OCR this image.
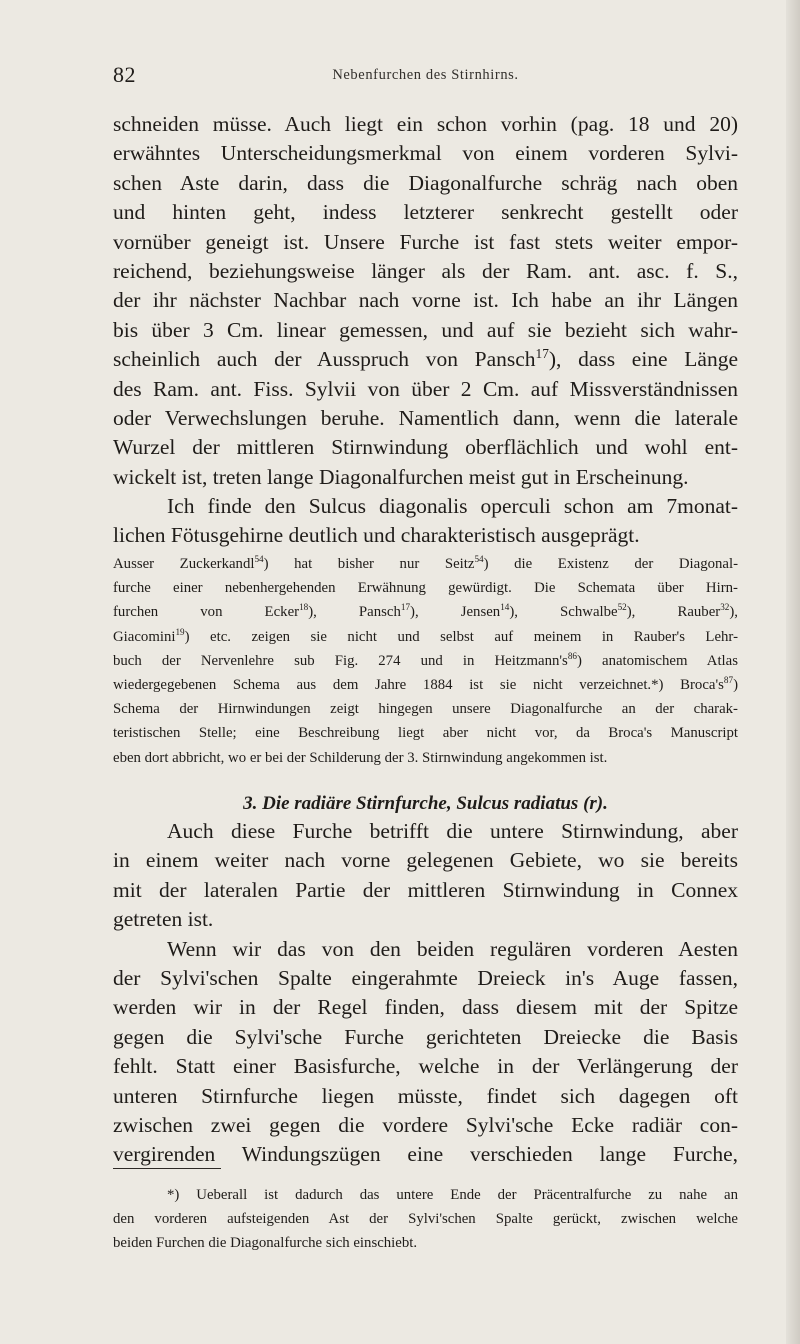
82	Nebenfurchen des Stirnhirns.
schneiden müsse. Auch liegt ein schon vorhin (pag. 18 und 20)
erwähntes Unterscheidungsmerkmal von einem vorderen Sylvi-
schen Aste darin, dass die Diagonalfurche schräg nach oben
und hinten geht, indess letzterer senkrecht gestellt oder
vornüber geneigt ist. Unsere Furche ist fast stets weiter empor-
reichend, beziehungsweise länger als der Ram. ant. asc. f. S.,
der ihr nächster Nachbar nach vorne ist. Ich habe an ihr Längen
bis über 3 Cm. linear gemessen, und auf sie bezieht sich wahr-
scheinlich auch der Ausspruch von Pansch$^{17}$), dass eine Länge
des Ram. ant. Fiss. Sylvii von über 2 Cm. auf Missverständnissen
oder Verwechslungen beruhe. Namentlich dann, wenn die laterale
Wurzel der mittleren Stirnwindung oberflächlich und wohl ent-
wickelt ist, treten lange Diagonalfurchen meist gut in Erscheinung.
Ich finde den Sulcus diagonalis operculi schon am 7monat-
lichen Fötusgehirne deutlich und charakteristisch ausgeprägt.
Ausser Zuckerkandl$^{54}$) hat bisher nur Seitz$^{54}$) die Existenz der Diagonal-
furche einer nebenhergehenden Erwähnung gewürdigt. Die Schemata über Hirn-
furchen von Ecker$^{18}$), Pansch$^{17}$), Jensen$^{14}$), Schwalbe$^{52}$), Rauber$^{32}$),
Giacomini$^{19}$) etc. zeigen sie nicht und selbst auf meinem in Rauber's Lehr-
buch der Nervenlehre sub Fig. 274 und in $Heitzmann's^{86}$) anatomischem Atlas
wiedergegebenen Schema aus dem Jahre 1884 ist sie nicht verzeichnet.*) $Broca's^{87}$)
Schema der Hirnwindungen zeigt hingegen unsere Diagonalfurche an der charak-
teristischen Stelle; eine Beschreibung liegt aber nicht vor, da Broca's Manuscript
eben dort abbricht, wo er bei der Schilderung der 3. Stirnwindung angekommen ist.
3. Die radiäre Stirnfurche, Sulcus radiatus (r).
Auch diese Furche betrifft die untere Stirnwindung, aber
in einem weiter nach vorne gelegenen Gebiete, wo sie bereits
mit der lateralen Partie der mittleren Stirnwindung in Connex
getreten ist.
Wenn wir das von den beiden regulären vorderen Aesten
der Sylvi'schen Spalte eingerahmte Dreieck in's Auge fassen,
werden wir in der Regel finden, dass diesem mit der Spitze
gegen die Sylvi'sche Furche gerichteten Dreiecke die Basis
fehlt. Statt einer Basisfurche, welche in der Verlängerung der
unteren Stirnfurche liegen müsste, findet sich dagegen oft
zwischen zwei gegen die vordere Sylvi'sche Ecke radiär con-
vergirenden Windungszügen eine verschieden lange Furche,
*) Ueberall ist dadurch das untere Ende der Präcentralfurche zu nahe an
den vorderen aufsteigenden Ast der Sylvi'schen Spalte gerückt, zwischen welche
beiden Furchen die Diagonalfurche sich einschiebt.
